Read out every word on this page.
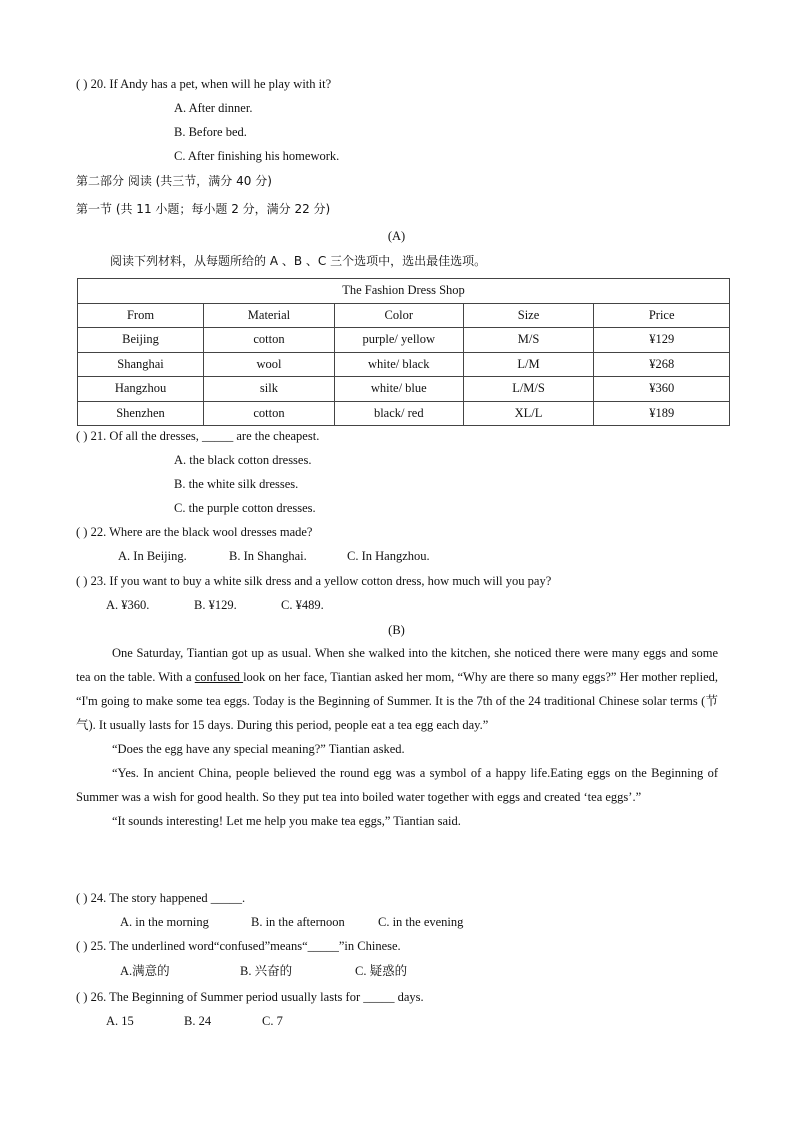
( ) 20. If Andy has a pet, when will he play with it?
A. After dinner.
B. Before bed.
C. After finishing his homework.
第二部分 阅读 (共三节，满分 40 分)
第一节 (共 11 小题；每小题 2 分，满分 22 分)
(A)
阅读下列材料，从每题所给的 A 、B 、C 三个选项中，选出最佳选项。
The Fashion Dress Shop				
From	Material	Color	Size	Price
Beijing	cotton	purple/ yellow	M/S	¥129
Shanghai	wool	white/ black	L/M	¥268
Hangzhou	silk	white/ blue	L/M/S	¥360
Shenzhen	cotton	black/ red	XL/L	¥189
( ) 21. Of all the dresses, _____ are the cheapest.
A. the black cotton dresses.
B. the white silk dresses.
C. the purple cotton dresses.
( ) 22. Where are the black wool dresses made?
A. In Beijing.	B. In Shanghai.	C. In Hangzhou.
( ) 23. If you want to buy a white silk dress and a yellow cotton dress, how much will you pay?
A. ¥360.	B. ¥129.	C. ¥489.
(B)

One Saturday, Tiantian got up as usual. When she walked into the kitchen, she noticed there were many eggs and some tea on the table. With a confused look on her face, Tiantian asked her mom, “Why are there so many eggs?” Her mother replied, “I'm going to make some tea eggs. Today is the Beginning of Summer. It is the 7th of the 24 traditional Chinese solar terms (节气). It usually lasts for 15 days. During this period, people eat a tea egg each day.”

“Does the egg have any special meaning?” Tiantian asked.

“Yes. In ancient China, people believed the round egg was a symbol of a happy life.Eating eggs on the Beginning of Summer was a wish for good health. So they put tea into boiled water together with eggs and created ‘tea eggs’.”

“It sounds interesting! Let me help you make tea eggs,” Tiantian said.

( ) 24. The story happened _____.
A. in the morning	B. in the afternoon	C. in the evening
( ) 25. The underlined word“confused”means“_____”in Chinese.
A.满意的	B. 兴奋的	C. 疑惑的
( ) 26. The Beginning of Summer period usually lasts for _____ days.
A. 15	B. 24	C. 7
